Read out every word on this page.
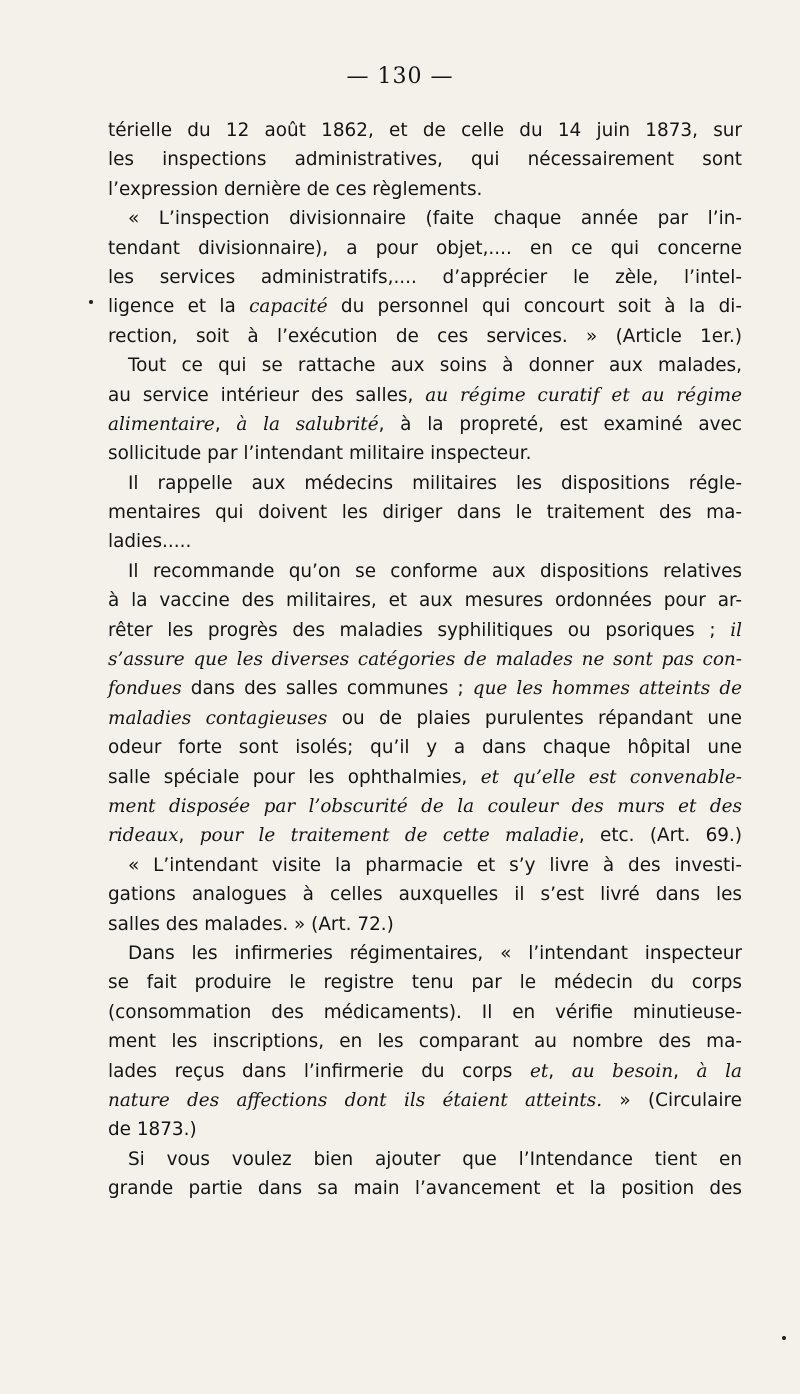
— 130 —
térielle du 12 août 1862, et de celle du 14 juin 1873, sur
les inspections administratives, qui nécessairement sont
l’expression dernière de ces règlements.
« L’inspection divisionnaire (faite chaque année par l’in-
tendant divisionnaire), a pour objet,.... en ce qui concerne
les services administratifs,.... d’apprécier le zèle, l’intel-
ligence et la capacité du personnel qui concourt soit à la di-
rection, soit à l’exécution de ces services. » (Article 1er.)
Tout ce qui se rattache aux soins à donner aux malades,
au service intérieur des salles, au régime curatif et au régime
alimentaire, à la salubrité, à la propreté, est examiné avec
sollicitude par l’intendant militaire inspecteur.
Il rappelle aux médecins militaires les dispositions régle-
mentaires qui doivent les diriger dans le traitement des ma-
ladies.....
Il recommande qu’on se conforme aux dispositions relatives
à la vaccine des militaires, et aux mesures ordonnées pour ar-
rêter les progrès des maladies syphilitiques ou psoriques ; il
s’assure que les diverses catégories de malades ne sont pas con-
fondues dans des salles communes ; que les hommes atteints de
maladies contagieuses ou de plaies purulentes répandant une
odeur forte sont isolés; qu’il y a dans chaque hôpital une
salle spéciale pour les ophthalmies, et qu’elle est convenable-
ment disposée par l’obscurité de la couleur des murs et des
rideaux, pour le traitement de cette maladie, etc. (Art. 69.)
« L’intendant visite la pharmacie et s’y livre à des investi-
gations analogues à celles auxquelles il s’est livré dans les
salles des malades. » (Art. 72.)
Dans les infirmeries régimentaires, « l’intendant inspecteur
se fait produire le registre tenu par le médecin du corps
(consommation des médicaments). Il en vérifie minutieuse-
ment les inscriptions, en les comparant au nombre des ma-
lades reçus dans l’infirmerie du corps et, au besoin, à la
nature des affections dont ils étaient atteints. » (Circulaire
de 1873.)
Si vous voulez bien ajouter que l’Intendance tient en
grande partie dans sa main l’avancement et la position des
